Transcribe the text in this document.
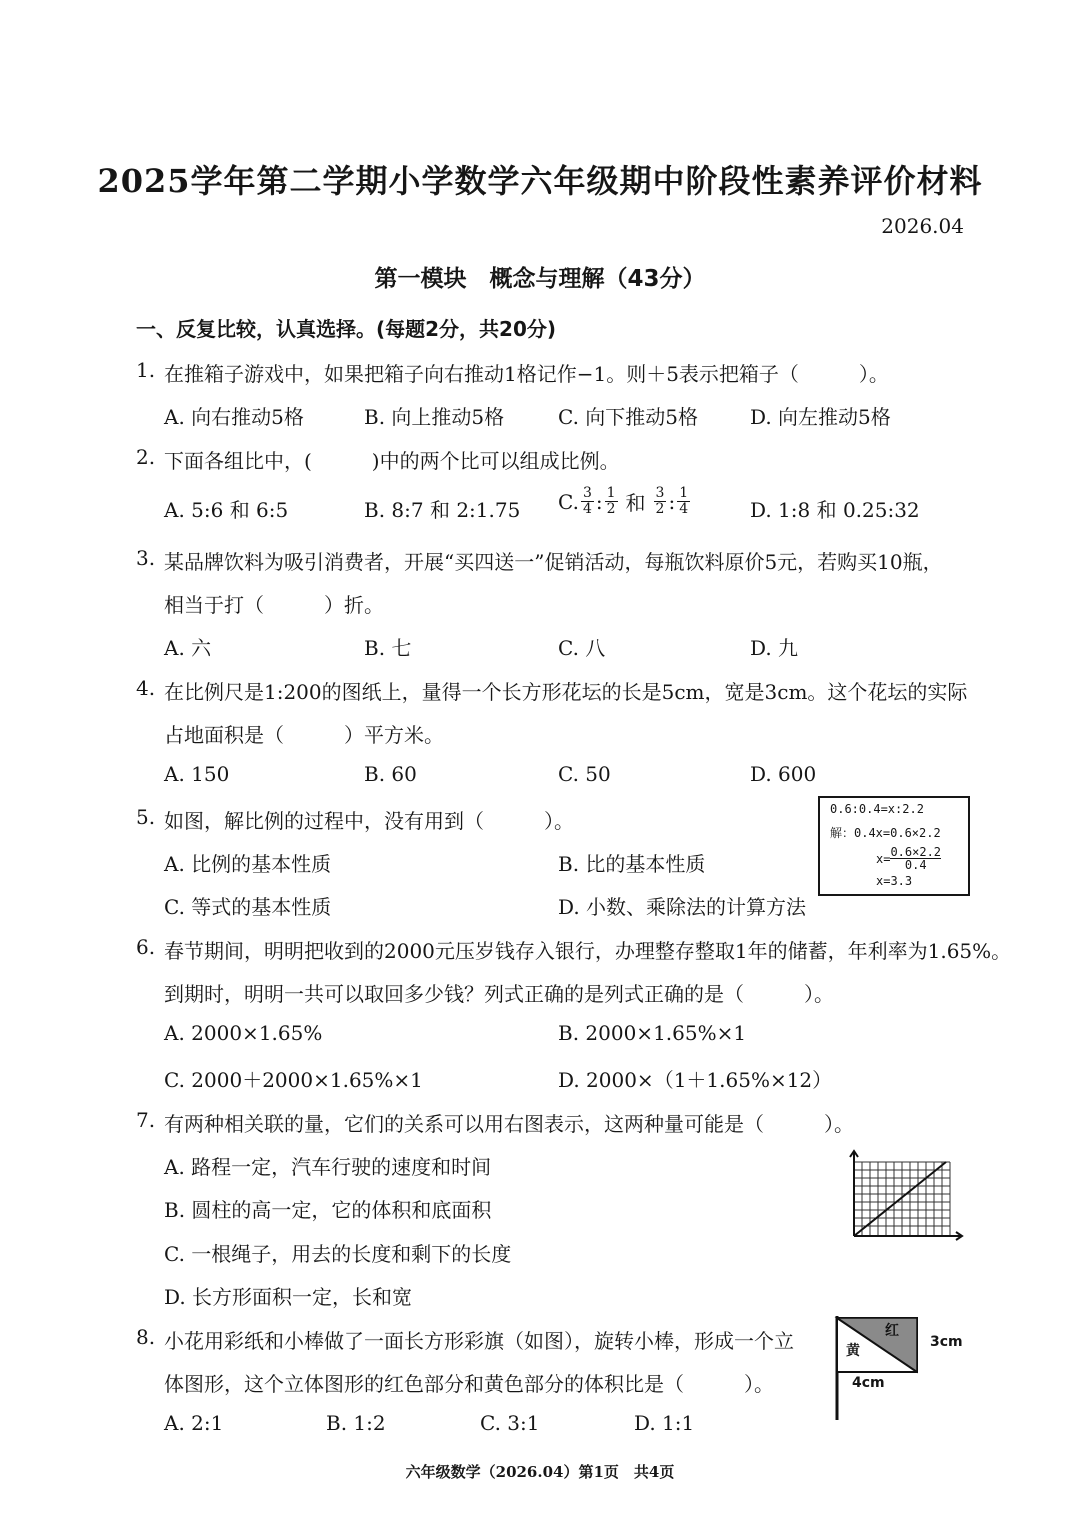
2025学年第二学期小学数学六年级期中阶段性素养评价材料
2026.04
第一模块　概念与理解（43分）
一、反复比较，认真选择。(每题2分，共20分)
1. 在推箱子游戏中，如果把箱子向右推动1格记作−1。则＋5表示把箱子（　　　）。
A. 向右推动5格	B. 向上推动5格	C. 向下推动5格	D. 向左推动5格
2. 下面各组比中，(　　　)中的两个比可以组成比例。
A. 5:6 和 6:5	B. 8:7 和 2:1.75 C. $\frac{3}{4}$ : $\frac{1}{2}$ 和 $\frac{3}{2}$ : $\frac{1}{4}$	D. 1:8 和 0.25:32
3. 某品牌饮料为吸引消费者，开展“买四送一”促销活动，每瓶饮料原价5元，若购买10瓶，
相当于打（　　　）折。
A. 六	B. 七	C. 八	D. 九
4. 在比例尺是1:200的图纸上，量得一个长方形花坛的长是5cm，宽是3cm。这个花坛的实际
占地面积是（　　　）平方米。
A. 150	B. 60	C. 50	D. 600
5. 如图，解比例的过程中，没有用到（　　　）。
A. 比例的基本性质	B. 比的基本性质
C. 等式的基本性质	D. 小数、乘除法的计算方法
0.6:0.4=x:2.2
解：0.4x=0.6×2.2
$x= \frac{0.6\times 2.2}{0.4}$
x=3.3
6. 春节期间，明明把收到的2000元压岁钱存入银行，办理整存整取1年的储蓄，年利率为1.65%。
到期时，明明一共可以取回多少钱？列式正确的是列式正确的是（　　　）。
A. 2000×1.65%	B. 2000×1.65%×1
C. 2000＋2000×1.65%×1	D. 2000×（1＋1.65%×12）
7. 有两种相关联的量，它们的关系可以用右图表示，这两种量可能是（　　　）。
A. 路程一定，汽车行驶的速度和时间
B. 圆柱的高一定，它的体积和底面积
C. 一根绳子，用去的长度和剩下的长度
D. 长方形面积一定，长和宽
8. 小花用彩纸和小棒做了一面长方形彩旗（如图），旋转小棒，形成一个立
体图形，这个立体图形的红色部分和黄色部分的体积比是（　　　）。
A. 2:1	B. 1:2	C. 3:1	D. 1:1
红
黄
3cm
4cm
六年级数学（2026.04）第1页　共4页
